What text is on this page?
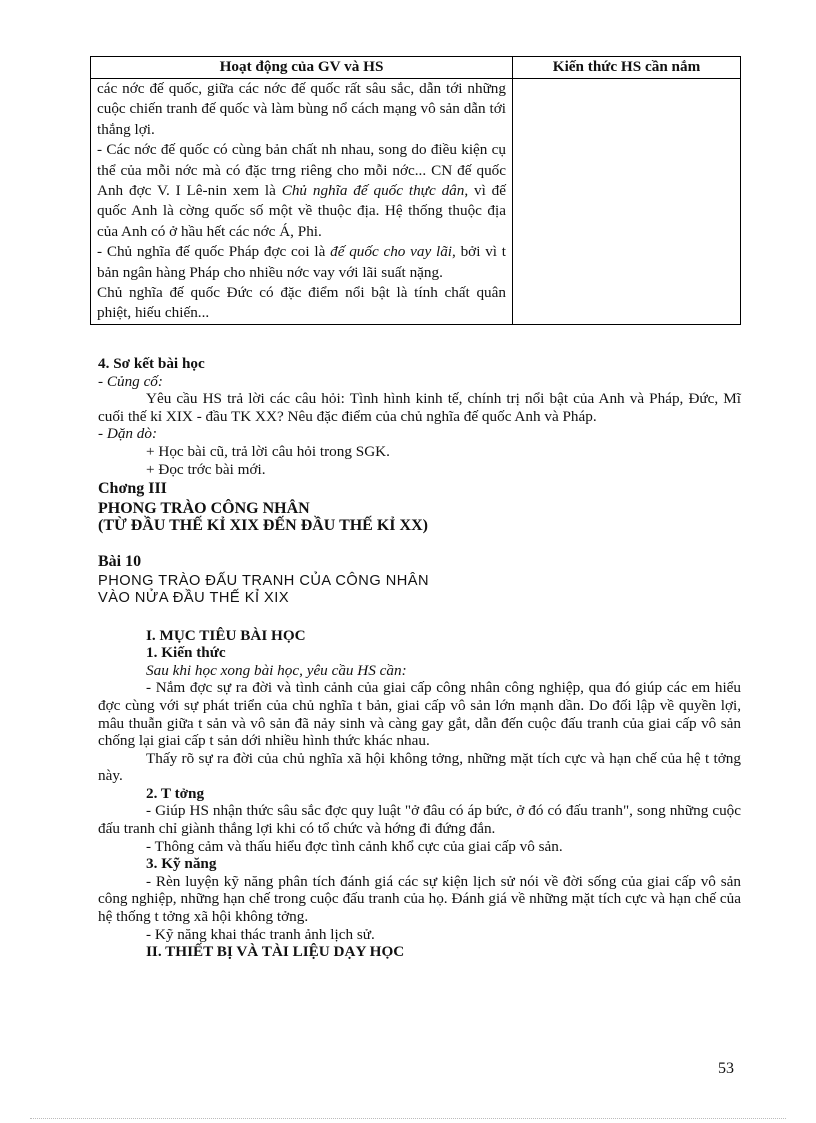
Hoạt động của GV và HS	Kiến thức HS cần nắm

các nớc đế quốc, giữa các nớc đế quốc rất sâu sắc, dẫn tới những cuộc chiến tranh đế quốc và làm bùng nổ cách mạng vô sản dẫn tới thắng lợi.

- Các nớc đế quốc có cùng bản chất nh nhau, song do điều kiện cụ thể của mỗi nớc mà có đặc trng riêng cho mỗi nớc... CN đế quốc Anh đợc V. I Lê-nin xem là Chủ nghĩa đế quốc thực dân, vì đế quốc Anh là cờng quốc số một về thuộc địa. Hệ thống thuộc địa của Anh có ở hầu hết các nớc Á, Phi.

- Chủ nghĩa đế quốc Pháp đợc coi là đế quốc cho vay lãi, bởi vì t bản ngân hàng Pháp cho nhiều nớc vay với lãi suất nặng.

Chủ nghĩa đế quốc Đức có đặc điểm nổi bật là tính chất quân phiệt, hiếu chiến...	

4. Sơ kết bài học

- Củng cố:

Yêu cầu HS trả lời các câu hỏi: Tình hình kinh tế, chính trị nổi bật của Anh và Pháp, Đức, Mĩ cuối thế kỉ XIX - đầu TK XX? Nêu đặc điểm của chủ nghĩa đế quốc Anh và Pháp.

- Dặn dò:

+ Học bài cũ, trả lời câu hỏi trong SGK.

+ Đọc trớc bài mới.

Chơng III

PHONG TRÀO CÔNG NHÂN

(TỪ ĐẦU THẾ KỈ XIX ĐẾN ĐẦU THẾ KỈ XX)

Bài 10

PHONG TRÀO ĐẤU TRANH CỦA CÔNG NHÂN

VÀO NỬA ĐẦU THẾ KỈ XIX

I. MỤC TIÊU BÀI HỌC

1. Kiến thức

Sau khi học xong bài học, yêu cầu HS cần:

- Nắm đợc sự ra đời và tình cảnh của giai cấp công nhân công nghiệp, qua đó giúp các em hiểu đợc cùng với sự phát triển của chủ nghĩa t bản, giai cấp vô sản lớn mạnh dần. Do đối lập về quyền lợi, mâu thuẫn giữa t sản và vô sản đã nảy sinh và càng gay gắt, dẫn đến cuộc đấu tranh của giai cấp vô sản chống lại giai cấp t sản dới nhiều hình thức khác nhau.

Thấy rõ sự ra đời của chủ nghĩa xã hội không tởng, những mặt tích cực và hạn chế của hệ t tởng này.

2. T tởng

- Giúp HS nhận thức sâu sắc đợc quy luật "ở đâu có áp bức, ở đó có đấu tranh", song những cuộc đấu tranh chỉ giành thắng lợi khi có tổ chức và hớng đi đứng đắn.

- Thông cảm và thấu hiểu đợc tình cảnh khổ cực của giai cấp vô sản.

3. Kỹ năng

- Rèn luyện kỹ năng phân tích đánh giá các sự kiện lịch sử nói về đời sống của giai cấp vô sản công nghiệp, những hạn chế trong cuộc đấu tranh của họ. Đánh giá về những mặt tích cực và hạn chế của hệ thống t tởng xã hội không tởng.

- Kỹ năng khai thác tranh ảnh lịch sử.

II. THIẾT BỊ VÀ TÀI LIỆU DẠY HỌC

53
